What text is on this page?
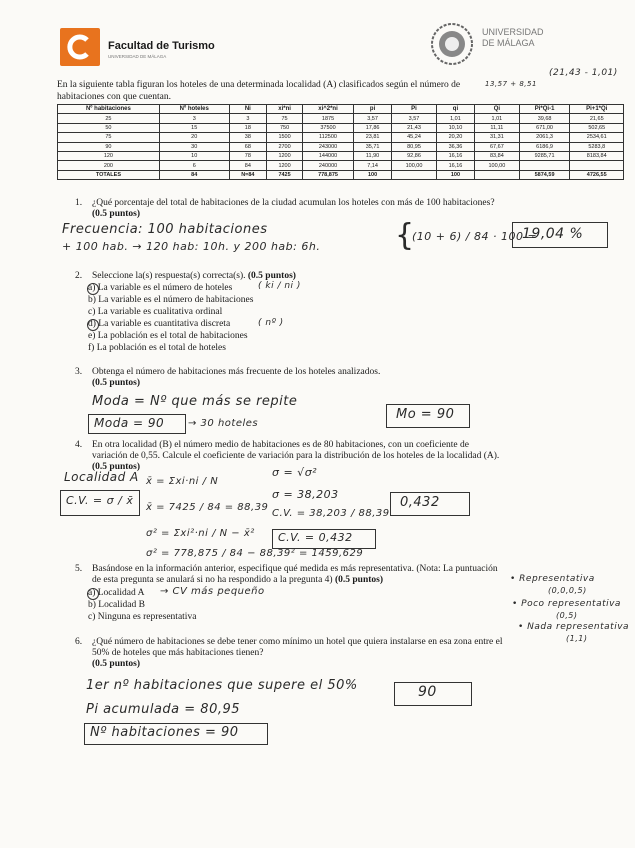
Facultad de Turismo
UNIVERSIDAD DE MÁLAGA
UNIVERSIDAD
DE MÁLAGA
En la siguiente tabla figuran los hoteles de una determinada localidad (A) clasificados según el número de
habitaciones con que cuentan.
(21,43 - 1,01)
13,57 + 8,51
Nº habitaciones	Nº hoteles	Ni	xi*ni	xi^2*ni	pi	Pi	qi	Qi	Pi*Qi-1	Pi+1*Qi
25	3	3	75	1875	3,57	3,57	1,01	1,01	39,68	21,65
50	15	18	750	37500	17,86	21,43	10,10	11,11	671,00	502,65
75	20	38	1500	112500	23,81	45,24	20,20	31,31	2061,3	2534,61
90	30	68	2700	243000	35,71	80,95	36,36	67,67	6186,9	5283,8
120	10	78	1200	144000	11,90	92,86	16,16	83,84	9285,71	8183,84
200	6	84	1200	240000	7,14	100,00	16,16	100,00		
TOTALES	84	N=84	7425	778,875	100		100		5874,59	4726,55
1. ¿Qué porcentaje del total de habitaciones de la ciudad acumulan los hoteles con más de 100 habitaciones?
(0.5 puntos)
Frecuencia: 100 habitaciones
+ 100 hab. → 120 hab: 10h. y 200 hab: 6h. {
(10 + 6) / 84 · 100 =
19,04 %
2. Seleccione la(s) respuesta(s) correcta(s). (0.5 puntos)
a) La variable es el número de hoteles	( ki / ni )
b) La variable es el número de habitaciones
c) La variable es cualitativa ordinal
d) La variable es cuantitativa discreta	( nº )
e) La población es el total de habitaciones
f) La población es el total de hoteles
3. Obtenga el número de habitaciones más frecuente de los hoteles analizados.
(0.5 puntos)
Moda = Nº que más se repite
Moda = 90 → 30 hoteles
Mo = 90
4. En otra localidad (B) el número medio de habitaciones es de 80 habitaciones, con un coeficiente de
variación de 0,55. Calcule el coeficiente de variación para la distribución de los hoteles de la localidad (A).
(0.5 puntos)
Localidad A
C.V. = σ / x̄
x̄ = Σxi·ni / N
x̄ = 7425 / 84 = 88,39
σ² = Σxi²·ni / N − x̄²
σ² = 778,875 / 84 − 88,39² = 1459,629
σ = √σ²
σ = 38,203
C.V. = 38,203 / 88,39
C.V. = 0,432
0,432
5. Basándose en la información anterior, especifique qué medida es más representativa. (Nota: La puntuación
de esta pregunta se anulará si no ha respondido a la pregunta 4) (0.5 puntos)
a) Localidad A → CV más pequeño
b) Localidad B
c) Ninguna es representativa
• Representativa
(0,0,0,5)
• Poco representativa
(0,5)
• Nada representativa
(1,1)
6. ¿Qué número de habitaciones se debe tener como mínimo un hotel que quiera instalarse en esa zona entre el
50% de hoteles que más habitaciones tienen?
(0.5 puntos)
1er nº habitaciones que supere el 50%	90
Pi acumulada = 80,95
Nº habitaciones = 90
